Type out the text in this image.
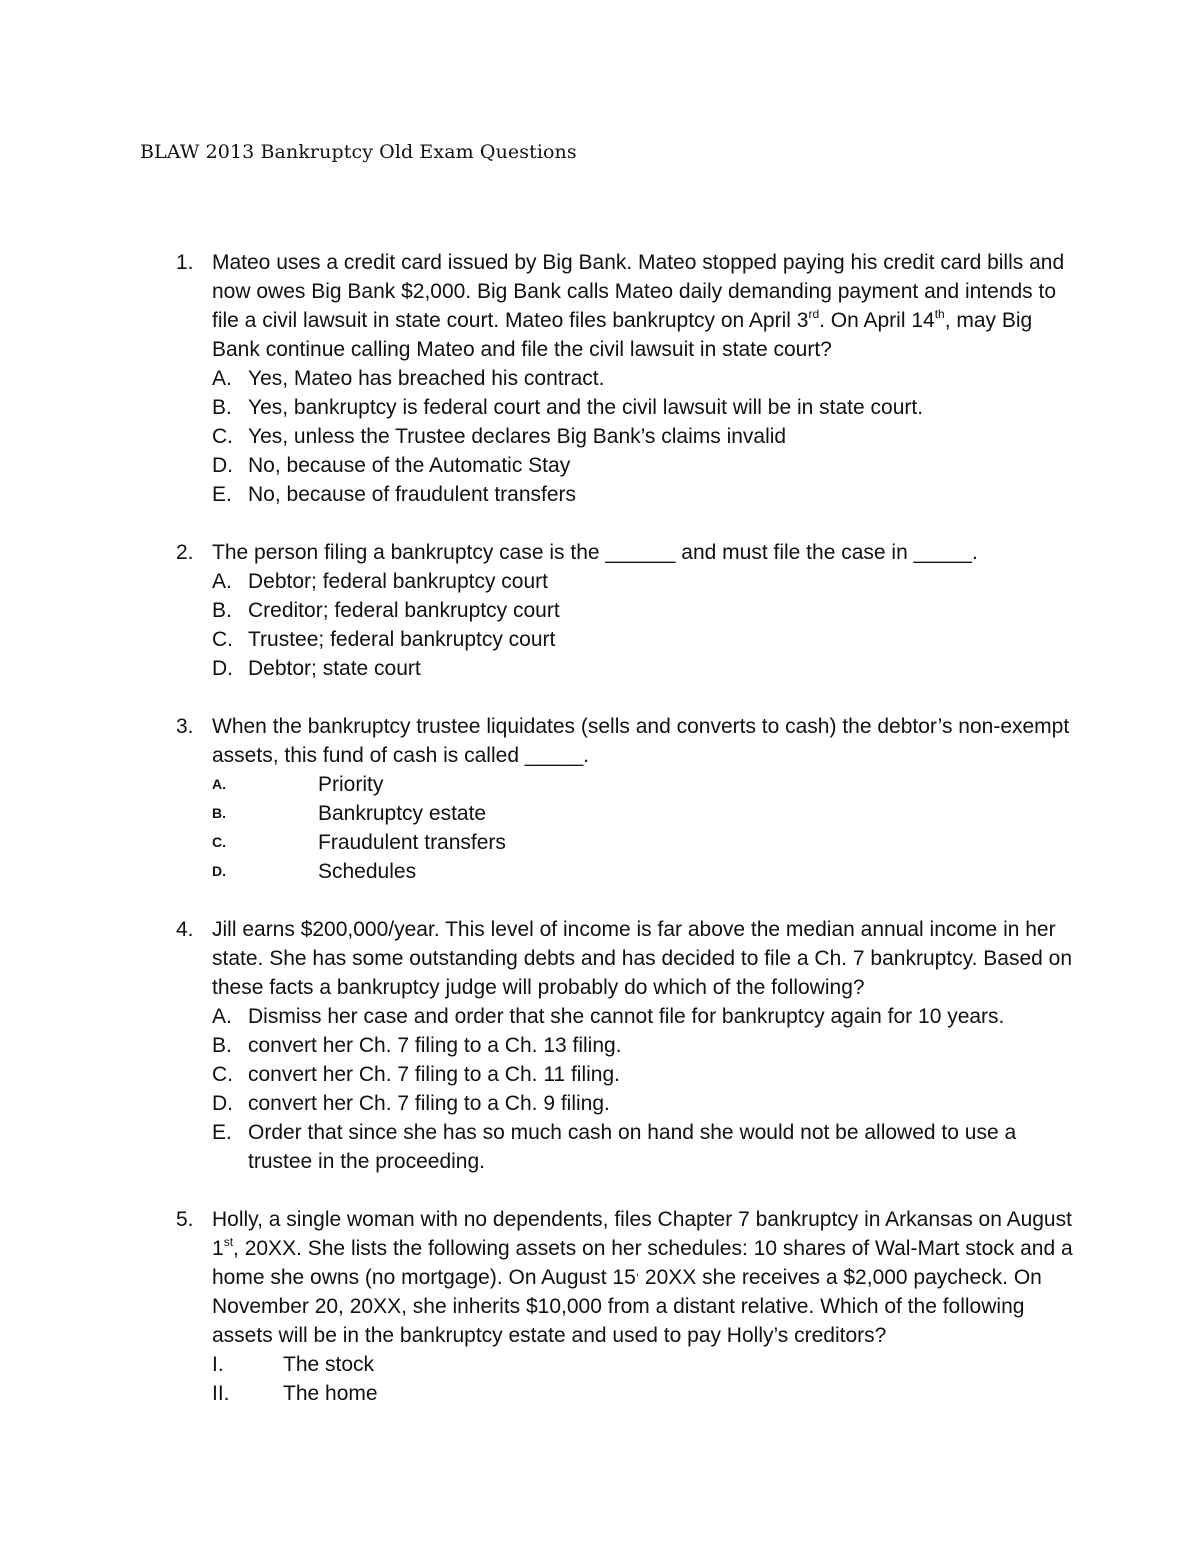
BLAW 2013 Bankruptcy Old Exam Questions
1. Mateo uses a credit card issued by Big Bank. Mateo stopped paying his credit card bills and now owes Big Bank $2,000. Big Bank calls Mateo daily demanding payment and intends to file a civil lawsuit in state court. Mateo files bankruptcy on April 3rd. On April 14th, may Big Bank continue calling Mateo and file the civil lawsuit in state court?
A. Yes, Mateo has breached his contract.
B. Yes, bankruptcy is federal court and the civil lawsuit will be in state court.
C. Yes, unless the Trustee declares Big Bank’s claims invalid
D. No, because of the Automatic Stay
E. No, because of fraudulent transfers
2. The person filing a bankruptcy case is the ______ and must file the case in _____.
A. Debtor; federal bankruptcy court
B. Creditor; federal bankruptcy court
C. Trustee; federal bankruptcy court
D. Debtor; state court
3. When the bankruptcy trustee liquidates (sells and converts to cash) the debtor’s non-exempt assets, this fund of cash is called _____.
A.	Priority
B.	Bankruptcy estate
C.	Fraudulent transfers
D.	Schedules
4. Jill earns $200,000/year. This level of income is far above the median annual income in her state. She has some outstanding debts and has decided to file a Ch. 7 bankruptcy. Based on these facts a bankruptcy judge will probably do which of the following?
A. Dismiss her case and order that she cannot file for bankruptcy again for 10 years.
B. convert her Ch. 7 filing to a Ch. 13 filing.
C. convert her Ch. 7 filing to a Ch. 11 filing.
D. convert her Ch. 7 filing to a Ch. 9 filing.
E. Order that since she has so much cash on hand she would not be allowed to use a trustee in the proceeding.
5. Holly, a single woman with no dependents, files Chapter 7 bankruptcy in Arkansas on August 1st, 20XX. She lists the following assets on her schedules: 10 shares of Wal-Mart stock and a home she owns (no mortgage). On August 15, 20XX she receives a $2,000 paycheck. On November 20, 20XX, she inherits $10,000 from a distant relative. Which of the following assets will be in the bankruptcy estate and used to pay Holly’s creditors?
I.	The stock
II.	The home
